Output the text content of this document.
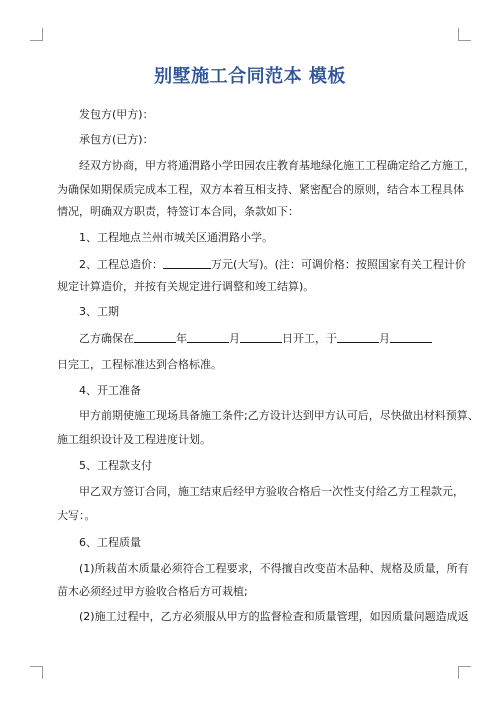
别墅施工合同范本 模板
发包方(甲方)：
承包方(已方)：
经双方协商，甲方将通渭路小学田园农庄教育基地绿化施工工程确定给乙方施工，
为确保如期保质完成本工程，双方本着互相支持、紧密配合的原则，结合本工程具体
情况，明确双方职责，特签订本合同，条款如下：
1、工程地点兰州市城关区通渭路小学。
2、工程总造价：	万元(大写)。(注：可调价格：按照国家有关工程计价
规定计算造价，并按有关规定进行调整和竣工结算)。
3、工期
乙方确保在	年	月	日开工，于	月
日完工，工程标准达到合格标准。
4、开工准备
甲方前期使施工现场具备施工条件;乙方设计达到甲方认可后，尽快做出材料预算、
施工组织设计及工程进度计划。
5、工程款支付
甲乙双方签订合同，施工结束后经甲方验收合格后一次性支付给乙方工程款元，
大写：。
6、工程质量
(1)所栽苗木质量必须符合工程要求，不得擅自改变苗木品种、规格及质量，所有
苗木必须经过甲方验收合格后方可栽植;
(2)施工过程中，乙方必须服从甲方的监督检查和质量管理，如因质量问题造成返
